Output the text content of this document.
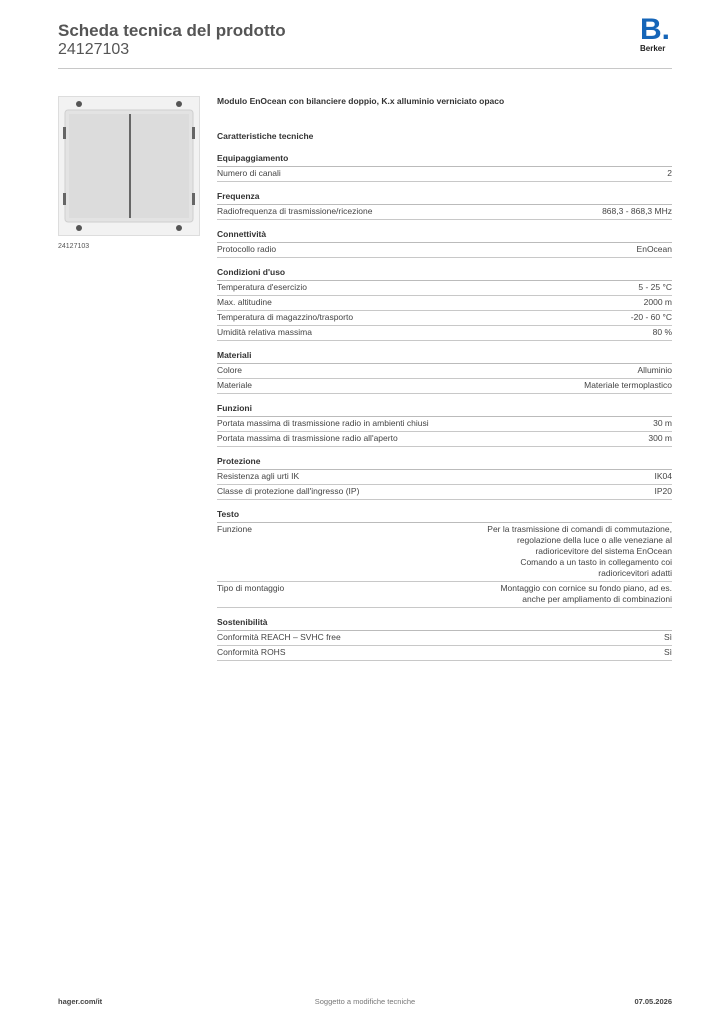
Scheda tecnica del prodotto
24127103
B.
Berker
24127103
Modulo EnOcean con bilanciere doppio, K.x alluminio verniciato opaco
Caratteristiche tecniche
Equipaggiamento
Numero di canali	2
Frequenza
Radiofrequenza di trasmissione/ricezione	868,3 - 868,3 MHz
Connettività
Protocollo radio	EnOcean
Condizioni d'uso
Temperatura d'esercizio	5 - 25 °C
Max. altitudine	2000 m
Temperatura di magazzino/trasporto	-20 - 60 °C
Umidità relativa massima	80 %
Materiali
Colore	Alluminio
Materiale	Materiale termoplastico
Funzioni
Portata massima di trasmissione radio in ambienti chiusi	30 m
Portata massima di trasmissione radio all'aperto	300 m
Protezione
Resistenza agli urti IK	IK04
Classe di protezione dall'ingresso (IP)	IP20
Testo
Funzione	Per la trasmissione di comandi di commutazione,
regolazione della luce o alle veneziane al
radioricevitore del sistema EnOcean
Comando a un tasto in collegamento coi
radioricevitori adatti
Tipo di montaggio	Montaggio con cornice su fondo piano, ad es.
anche per ampliamento di combinazioni
Sostenibilità
Conformità REACH – SVHC free	Sì
Conformità ROHS	Sì
Soggetto a modifiche tecniche
hager.com/it	07.05.2026
